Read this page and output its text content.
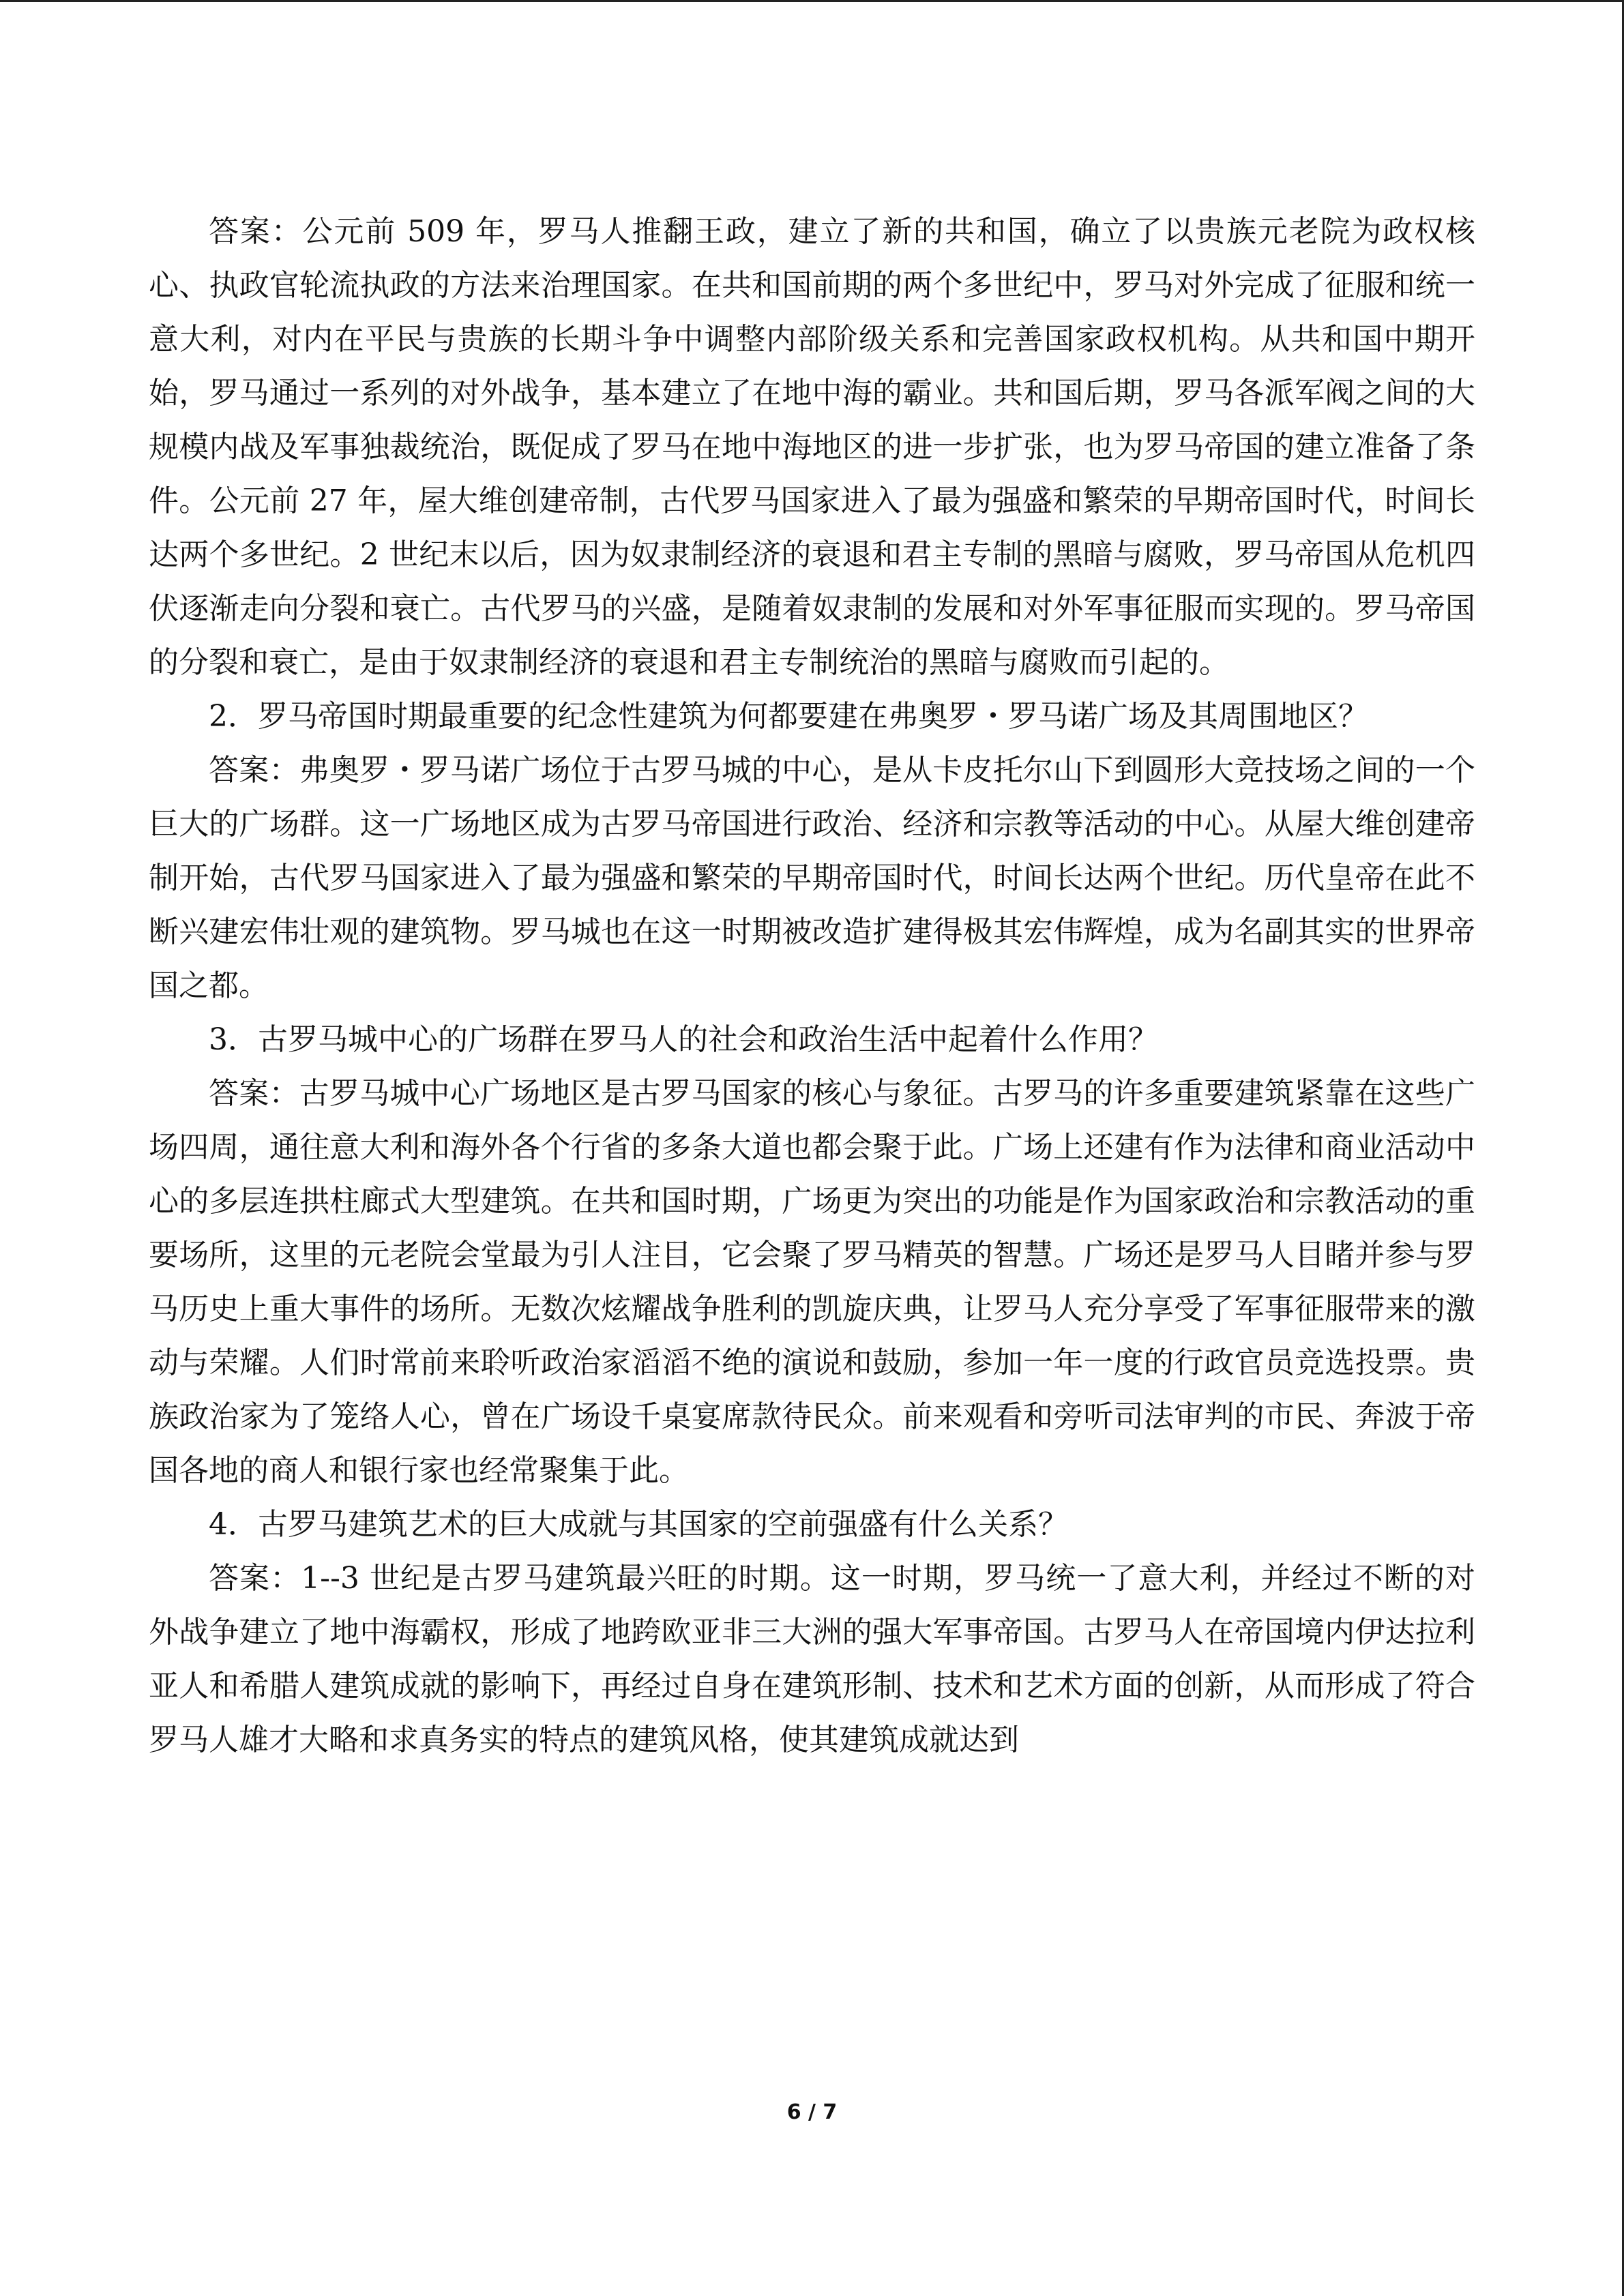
答案：公元前 509 年，罗马人推翻王政，建立了新的共和国，确立了以贵族元老院为政权核心、执政官轮流执政的方法来治理国家。在共和国前期的两个多世纪中，罗马对外完成了征服和统一意大利，对内在平民与贵族的长期斗争中调整内部阶级关系和完善国家政权机构。从共和国中期开始，罗马通过一系列的对外战争，基本建立了在地中海的霸业。共和国后期，罗马各派军阀之间的大规模内战及军事独裁统治，既促成了罗马在地中海地区的进一步扩张，也为罗马帝国的建立准备了条件。公元前 27 年，屋大维创建帝制，古代罗马国家进入了最为强盛和繁荣的早期帝国时代，时间长达两个多世纪。2 世纪末以后，因为奴隶制经济的衰退和君主专制的黑暗与腐败，罗马帝国从危机四伏逐渐走向分裂和衰亡。古代罗马的兴盛，是随着奴隶制的发展和对外军事征服而实现的。罗马帝国的分裂和衰亡，是由于奴隶制经济的衰退和君主专制统治的黑暗与腐败而引起的。

2．罗马帝国时期最重要的纪念性建筑为何都要建在弗奥罗・罗马诺广场及其周围地区？

答案：弗奥罗・罗马诺广场位于古罗马城的中心，是从卡皮托尔山下到圆形大竞技场之间的一个巨大的广场群。这一广场地区成为古罗马帝国进行政治、经济和宗教等活动的中心。从屋大维创建帝制开始，古代罗马国家进入了最为强盛和繁荣的早期帝国时代，时间长达两个世纪。历代皇帝在此不断兴建宏伟壮观的建筑物。罗马城也在这一时期被改造扩建得极其宏伟辉煌，成为名副其实的世界帝国之都。

3．古罗马城中心的广场群在罗马人的社会和政治生活中起着什么作用？

答案：古罗马城中心广场地区是古罗马国家的核心与象征。古罗马的许多重要建筑紧靠在这些广场四周，通往意大利和海外各个行省的多条大道也都会聚于此。广场上还建有作为法律和商业活动中心的多层连拱柱廊式大型建筑。在共和国时期，广场更为突出的功能是作为国家政治和宗教活动的重要场所，这里的元老院会堂最为引人注目，它会聚了罗马精英的智慧。广场还是罗马人目睹并参与罗马历史上重大事件的场所。无数次炫耀战争胜利的凯旋庆典，让罗马人充分享受了军事征服带来的激动与荣耀。人们时常前来聆听政治家滔滔不绝的演说和鼓励，参加一年一度的行政官员竞选投票。贵族政治家为了笼络人心，曾在广场设千桌宴席款待民众。前来观看和旁听司法审判的市民、奔波于帝国各地的商人和银行家也经常聚集于此。

4．古罗马建筑艺术的巨大成就与其国家的空前强盛有什么关系？

答案：1--3 世纪是古罗马建筑最兴旺的时期。这一时期，罗马统一了意大利，并经过不断的对外战争建立了地中海霸权，形成了地跨欧亚非三大洲的强大军事帝国。古罗马人在帝国境内伊达拉利亚人和希腊人建筑成就的影响下，再经过自身在建筑形制、技术和艺术方面的创新，从而形成了符合罗马人雄才大略和求真务实的特点的建筑风格，使其建筑成就达到

6 / 7
